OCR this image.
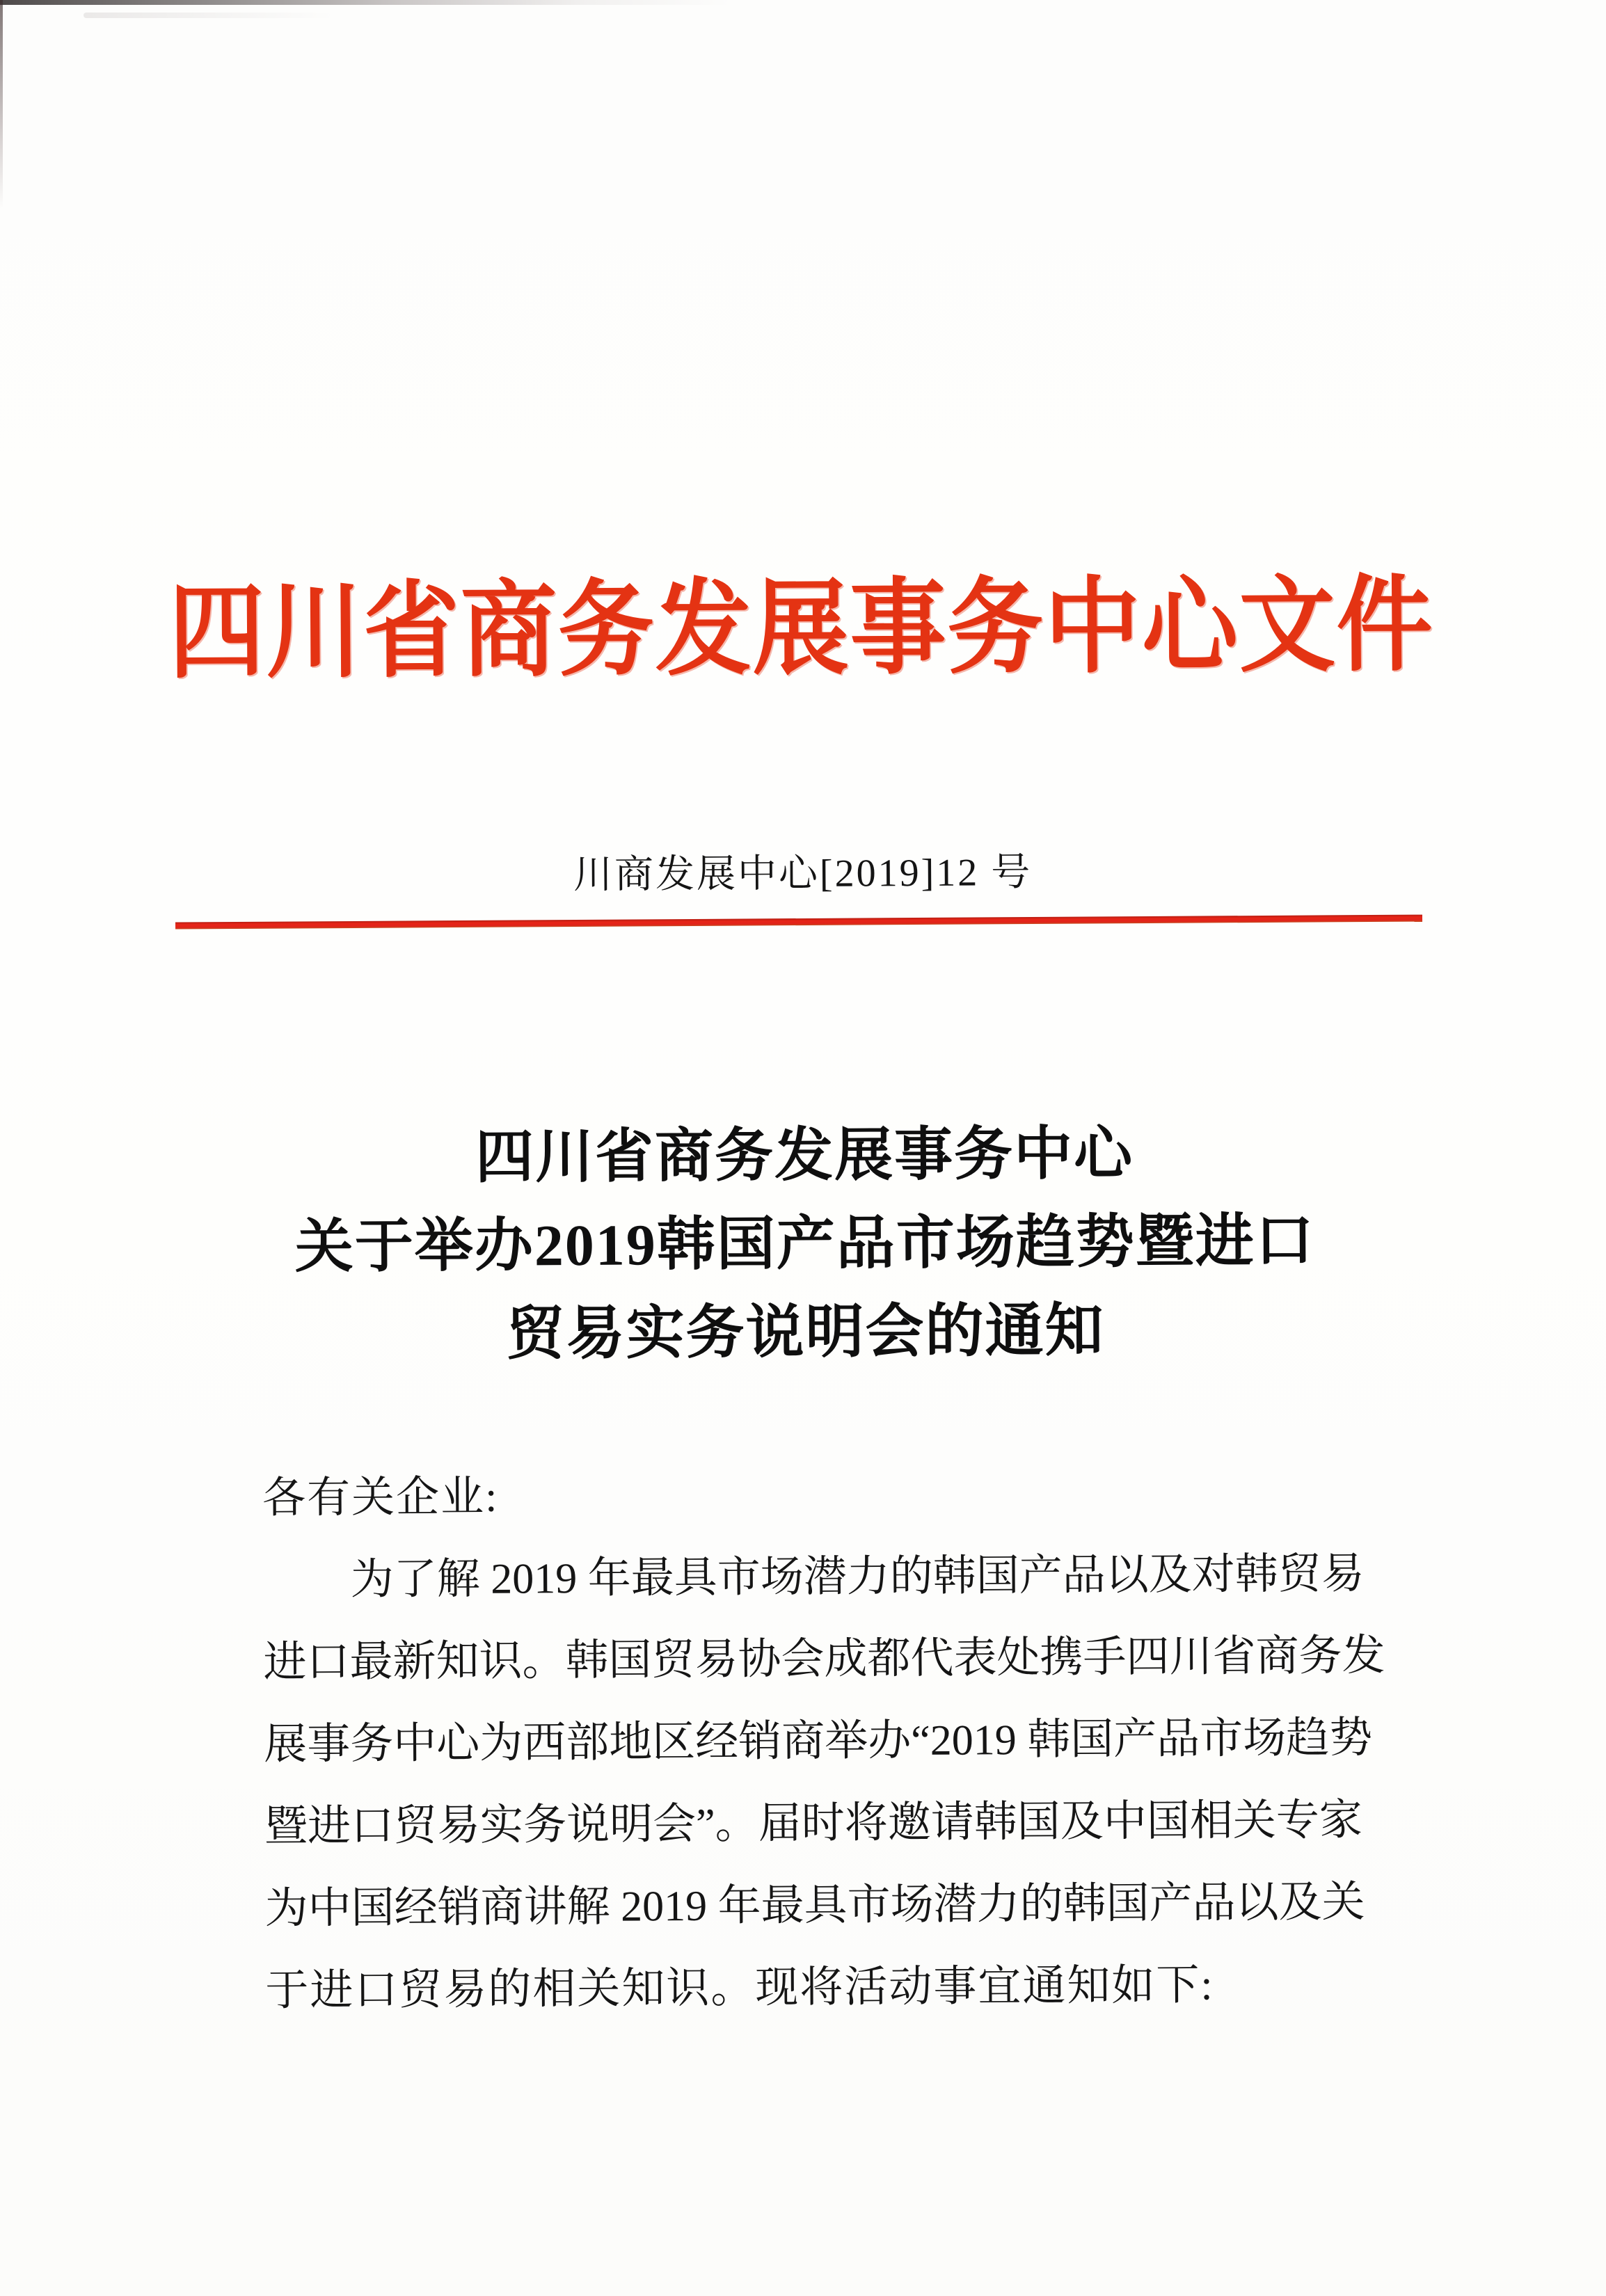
四川省商务发展事务中心文件
川商发展中心[2019]12 号
四川省商务发展事务中心
关于举办2019韩国产品市场趋势暨进口
贸易实务说明会的通知
各有关企业:
为了解 2019 年最具市场潜力的韩国产品以及对韩贸易
进口最新知识。韩国贸易协会成都代表处携手四川省商务发
展事务中心为西部地区经销商举办“2019 韩国产品市场趋势
暨进口贸易实务说明会”。届时将邀请韩国及中国相关专家
为中国经销商讲解 2019 年最具市场潜力的韩国产品以及关
于进口贸易的相关知识。现将活动事宜通知如下:
